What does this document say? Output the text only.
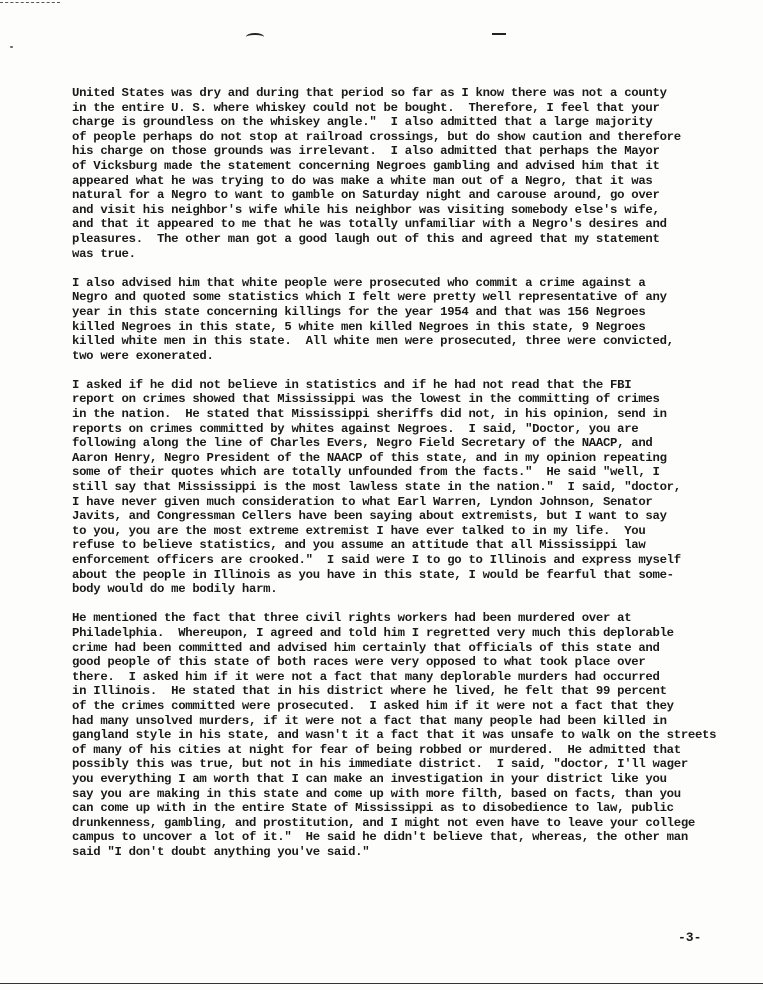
United States was dry and during that period so far as I know there was not a county
in the entire U. S. where whiskey could not be bought.  Therefore, I feel that your
charge is groundless on the whiskey angle."  I also admitted that a large majority
of people perhaps do not stop at railroad crossings, but do show caution and therefore
his charge on those grounds was irrelevant.  I also admitted that perhaps the Mayor
of Vicksburg made the statement concerning Negroes gambling and advised him that it
appeared what he was trying to do was make a white man out of a Negro, that it was
natural for a Negro to want to gamble on Saturday night and carouse around, go over
and visit his neighbor's wife while his neighbor was visiting somebody else's wife,
and that it appeared to me that he was totally unfamiliar with a Negro's desires and
pleasures.  The other man got a good laugh out of this and agreed that my statement
was true.

I also advised him that white people were prosecuted who commit a crime against a
Negro and quoted some statistics which I felt were pretty well representative of any
year in this state concerning killings for the year 1954 and that was 156 Negroes
killed Negroes in this state, 5 white men killed Negroes in this state, 9 Negroes
killed white men in this state.  All white men were prosecuted, three were convicted,
two were exonerated.

I asked if he did not believe in statistics and if he had not read that the FBI
report on crimes showed that Mississippi was the lowest in the committing of crimes
in the nation.  He stated that Mississippi sheriffs did not, in his opinion, send in
reports on crimes committed by whites against Negroes.  I said, "Doctor, you are
following along the line of Charles Evers, Negro Field Secretary of the NAACP, and
Aaron Henry, Negro President of the NAACP of this state, and in my opinion repeating
some of their quotes which are totally unfounded from the facts."  He said "well, I
still say that Mississippi is the most lawless state in the nation."  I said, "doctor,
I have never given much consideration to what Earl Warren, Lyndon Johnson, Senator
Javits, and Congressman Cellers have been saying about extremists, but I want to say
to you, you are the most extreme extremist I have ever talked to in my life.  You
refuse to believe statistics, and you assume an attitude that all Mississippi law
enforcement officers are crooked."  I said were I to go to Illinois and express myself
about the people in Illinois as you have in this state, I would be fearful that some-
body would do me bodily harm.

He mentioned the fact that three civil rights workers had been murdered over at
Philadelphia.  Whereupon, I agreed and told him I regretted very much this deplorable
crime had been committed and advised him certainly that officials of this state and
good people of this state of both races were very opposed to what took place over
there.  I asked him if it were not a fact that many deplorable murders had occurred
in Illinois.  He stated that in his district where he lived, he felt that 99 percent
of the crimes committed were prosecuted.  I asked him if it were not a fact that they
had many unsolved murders, if it were not a fact that many people had been killed in
gangland style in his state, and wasn't it a fact that it was unsafe to walk on the streets
of many of his cities at night for fear of being robbed or murdered.  He admitted that
possibly this was true, but not in his immediate district.  I said, "doctor, I'll wager
you everything I am worth that I can make an investigation in your district like you
say you are making in this state and come up with more filth, based on facts, than you
can come up with in the entire State of Mississippi as to disobedience to law, public
drunkenness, gambling, and prostitution, and I might not even have to leave your college
campus to uncover a lot of it."  He said he didn't believe that, whereas, the other man
said "I don't doubt anything you've said."

-3-
